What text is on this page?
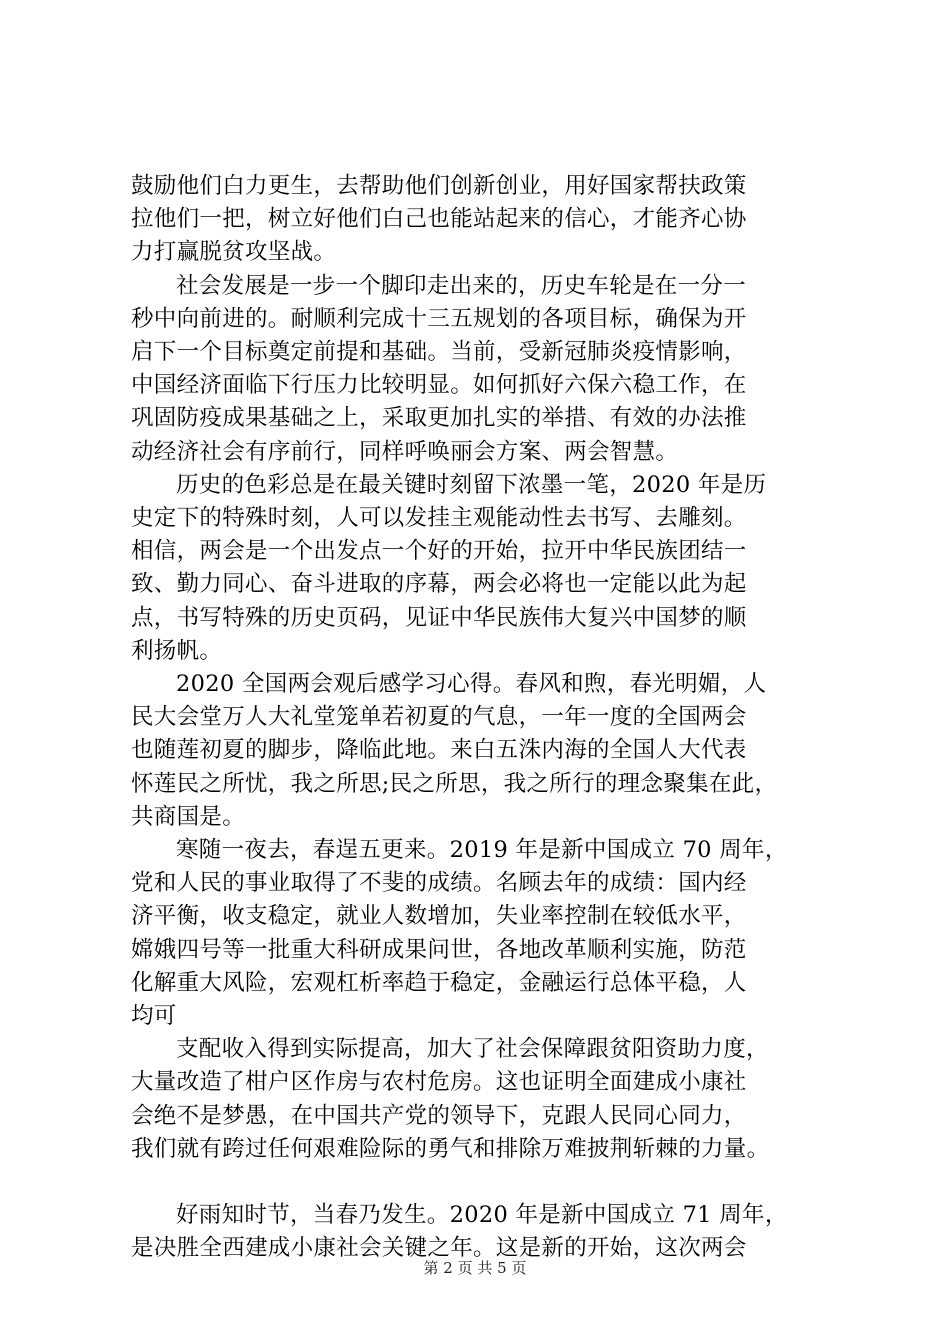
鼓励他们白力更生，去帮助他们创新创业，用好国家帮扶政策
拉他们一把，树立好他们白己也能站起来的信心，才能齐心协
力打赢脱贫攻坚战。

社会发展是一步一个脚印走出来的，历史车轮是在一分一
秒中向前进的。耐顺利完成十三五规划的各项目标，确保为开
启下一个目标奠定前提和基础。当前，受新冠肺炎疫情影响，
中国经济面临下行压力比较明显。如何抓好六保六稳工作，在
巩固防疫成果基础之上，采取更加扎实的举措、有效的办法推
动经济社会有序前行，同样呼唤丽会方案、两会智慧。

历史的色彩总是在最关键时刻留下浓墨一笔，2020 年是历
史定下的特殊时刻，人可以发挂主观能动性去书写、去雕刻。
相信，两会是一个出发点一个好的开始，拉开中华民族团结一
致、勤力同心、奋斗进取的序幕，两会必将也一定能以此为起
点，书写特殊的历史页码，见证中华民族伟大复兴中国梦的顺
利扬帆。

2020 全国两会观后感学习心得。春风和煦，春光明媚，人
民大会堂万人大礼堂笼单若初夏的气息，一年一度的全国两会
也随莲初夏的脚步，降临此地。来白五洙内海的全国人大代表
怀莲民之所忧，我之所思;民之所思，我之所行的理念聚集在此，
共商国是。

寒随一夜去，春逞五更来。2019 年是新中国成立 70 周年，
党和人民的事业取得了不斐的成绩。名顾去年的成绩：国内经
济平衡，收支稳定，就业人数增加，失业率控制在较低水平，
嫦娥四号等一批重大科研成果问世，各地改革顺利实施，防范
化解重大风险，宏观杠析率趋于稳定，金融运行总体平稳，人
均可

支配收入得到实际提高，加大了社会保障跟贫阳资助力度，
大量改造了柑户区作房与农村危房。这也证明全面建成小康社
会绝不是梦愚，在中国共产党的领导下，克跟人民同心同力，
我们就有跨过任何艰难险际的勇气和排除万难披荆斩棘的力量。

好雨知时节，当春乃发生。2020 年是新中国成立 71 周年，
是决胜全西建成小康社会关键之年。这是新的开始，这次两会

第 2 页 共 5 页
